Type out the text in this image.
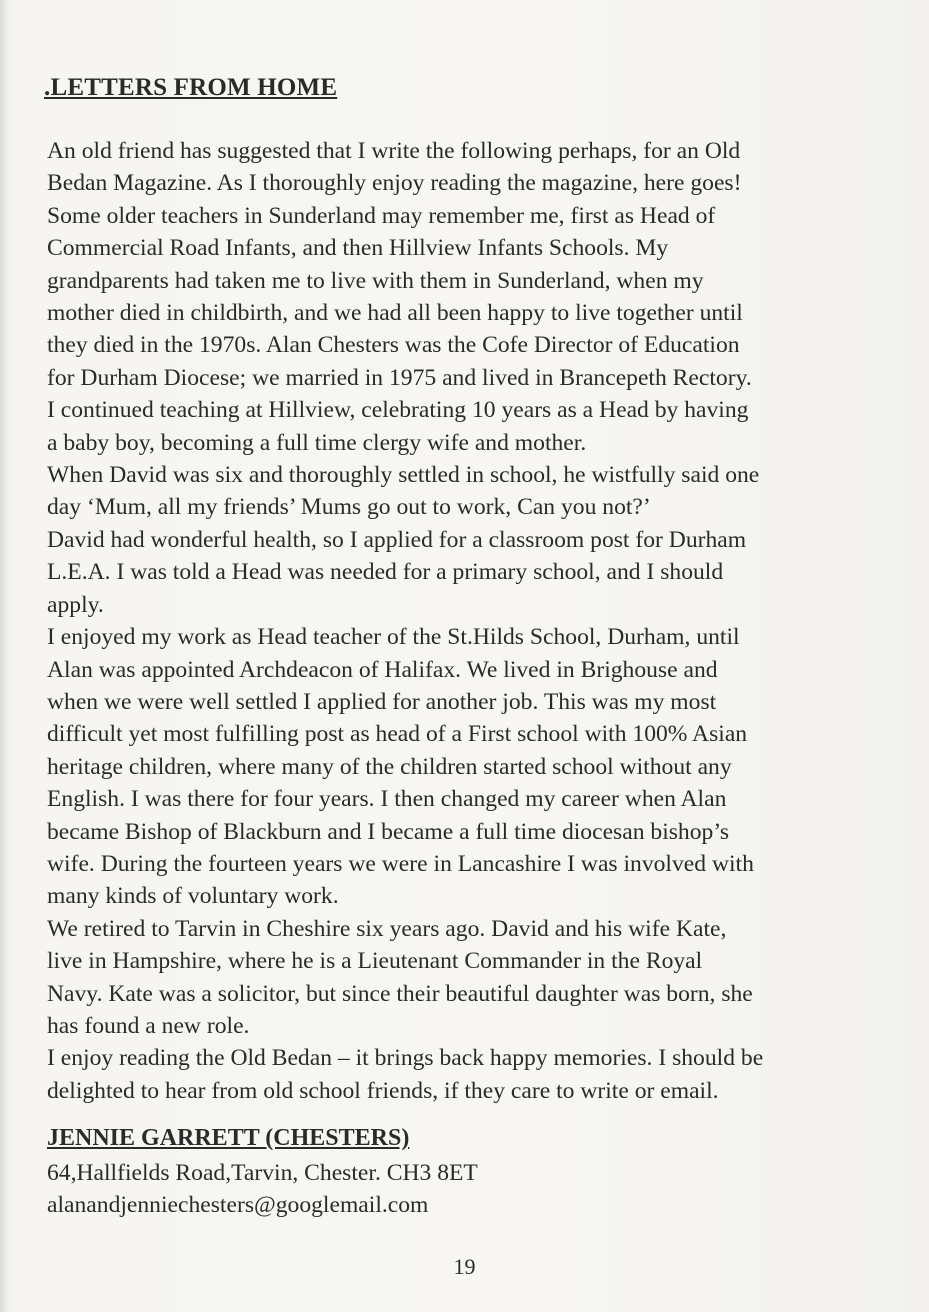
.LETTERS FROM HOME
An old friend has suggested that I write the following perhaps, for an Old
Bedan Magazine. As I thoroughly enjoy reading the magazine, here goes!
Some older teachers in Sunderland may remember me, first as Head of
Commercial Road Infants, and then Hillview Infants Schools. My
grandparents had taken me to live with them in Sunderland, when my
mother died in childbirth, and we had all been happy to live together until
they died in the 1970s. Alan Chesters was the Cofe Director of Education
for Durham Diocese; we married in 1975 and lived in Brancepeth Rectory.
I continued teaching at Hillview, celebrating 10 years as a Head by having
a baby boy, becoming a full time clergy wife and mother.
When David was six and thoroughly settled in school, he wistfully said one
day ‘Mum, all my friends’ Mums go out to work, Can you not?’
David had wonderful health, so I applied for a classroom post for Durham
L.E.A. I was told a Head was needed for a primary school, and I should
apply.
I enjoyed my work as Head teacher of the St.Hilds School, Durham, until
Alan was appointed Archdeacon of Halifax. We lived in Brighouse and
when we were well settled I applied for another job. This was my most
difficult yet most fulfilling post as head of a First school with 100% Asian
heritage children, where many of the children started school without any
English. I was there for four years. I then changed my career when Alan
became Bishop of Blackburn and I became a full time diocesan bishop’s
wife. During the fourteen years we were in Lancashire I was involved with
many kinds of voluntary work.
We retired to Tarvin in Cheshire six years ago. David and his wife Kate,
live in Hampshire, where he is a Lieutenant Commander in the Royal
Navy. Kate was a solicitor, but since their beautiful daughter was born, she
has found a new role.
I enjoy reading the Old Bedan – it brings back happy memories. I should be
delighted to hear from old school friends, if they care to write or email.
JENNIE GARRETT (CHESTERS)
64,Hallfields Road,Tarvin, Chester. CH3 8ET
alanandjenniechesters@googlemail.com
19
